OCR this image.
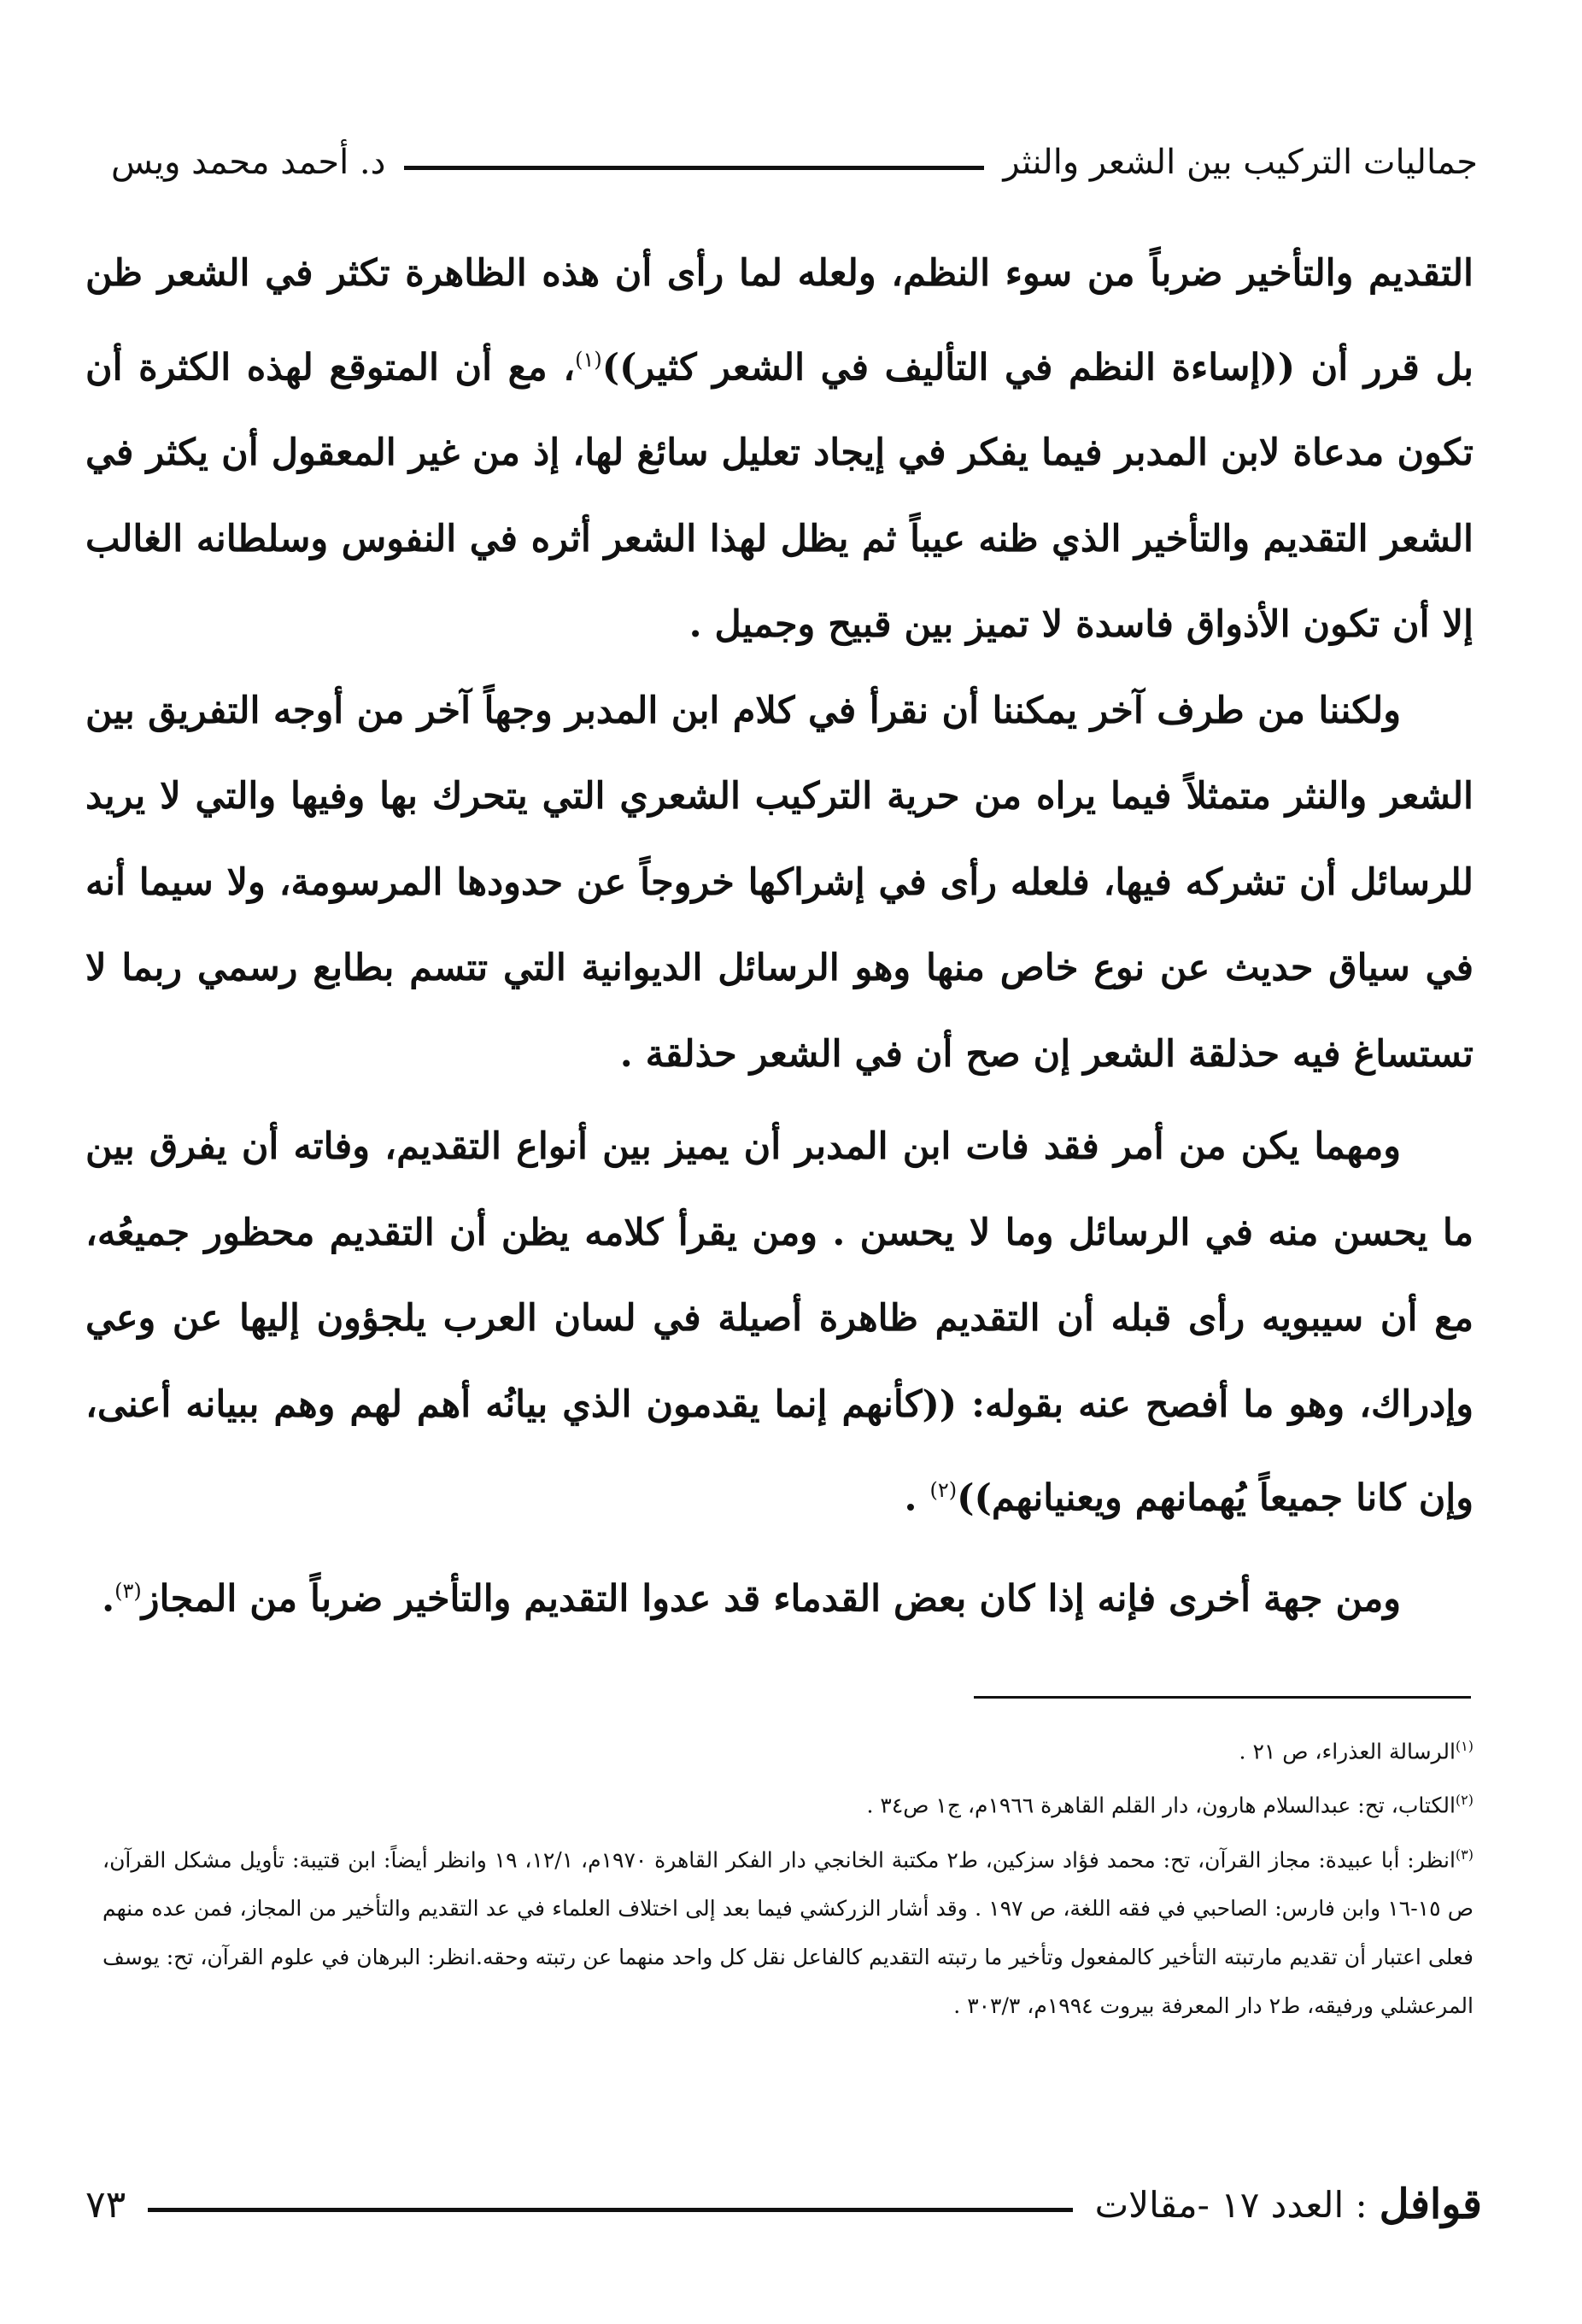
جماليات التركيب بين الشعر والنثر
د. أحمد محمد ويس

التقديم والتأخير ضرباً من سوء النظم، ولعله لما رأى أن هذه الظاهرة تكثر في الشعر ظن بل قرر أن ((إساءة النظم في التأليف في الشعر كثير))$^{(١)}$، مع أن المتوقع لهذه الكثرة أن تكون مدعاة لابن المدبر فيما يفكر في إيجاد تعليل سائغ لها، إذ من غير المعقول أن يكثر في الشعر التقديم والتأخير الذي ظنه عيباً ثم يظل لهذا الشعر أثره في النفوس وسلطانه الغالب إلا أن تكون الأذواق فاسدة لا تميز بين قبيح وجميل .

ولكننا من طرف آخر يمكننا أن نقرأ في كلام ابن المدبر وجهاً آخر من أوجه التفريق بين الشعر والنثر متمثلاً فيما يراه من حرية التركيب الشعري التي يتحرك بها وفيها والتي لا يريد للرسائل أن تشركه فيها، فلعله رأى في إشراكها خروجاً عن حدودها المرسومة، ولا سيما أنه في سياق حديث عن نوع خاص منها وهو الرسائل الديوانية التي تتسم بطابع رسمي ربما لا تستساغ فيه حذلقة الشعر إن صح أن في الشعر حذلقة .

ومهما يكن من أمر فقد فات ابن المدبر أن يميز بين أنواع التقديم، وفاته أن يفرق بين ما يحسن منه في الرسائل وما لا يحسن . ومن يقرأ كلامه يظن أن التقديم محظور جميعُه، مع أن سيبويه رأى قبله أن التقديم ظاهرة أصيلة في لسان العرب يلجؤون إليها عن وعي وإدراك، وهو ما أفصح عنه بقوله: ((كأنهم إنما يقدمون الذي بيانُه أهم لهم وهم ببيانه أعنى، وإن كانا جميعاً يُهمانهم ويعنيانهم))$^{(٢)}$ .

ومن جهة أخرى فإنه إذا كان بعض القدماء قد عدوا التقديم والتأخير ضرباً من المجاز$^{(٣)}$.

$^{(١)}$الرسالة العذراء، ص ٢١ .

$^{(٢)}$الكتاب، تح: عبدالسلام هارون، دار القلم القاهرة ١٩٦٦م، ج١ ص٣٤ .

$^{(٣)}$انظر: أبا عبيدة: مجاز القرآن، تح: محمد فؤاد سزكين، ط٢ مكتبة الخانجي دار الفكر القاهرة ١٩٧٠م، ١٢/١، ١٩ وانظر أيضاً: ابن قتيبة: تأويل مشكل القرآن، ص ١٥-١٦ وابن فارس: الصاحبي في فقه اللغة، ص ١٩٧ . وقد أشار الزركشي فيما بعد إلى اختلاف العلماء في عد التقديم والتأخير من المجاز، فمن عده منهم فعلى اعتبار أن تقديم مارتبته التأخير كالمفعول وتأخير ما رتبته التقديم كالفاعل نقل كل واحد منهما عن رتبته وحقه.انظر: البرهان في علوم القرآن، تح: يوسف المرعشلي ورفيقه، ط٢ دار المعرفة بيروت ١٩٩٤م، ٣٠٣/٣ .

قوافل
: العدد ١٧ -مقالات
٧٣
